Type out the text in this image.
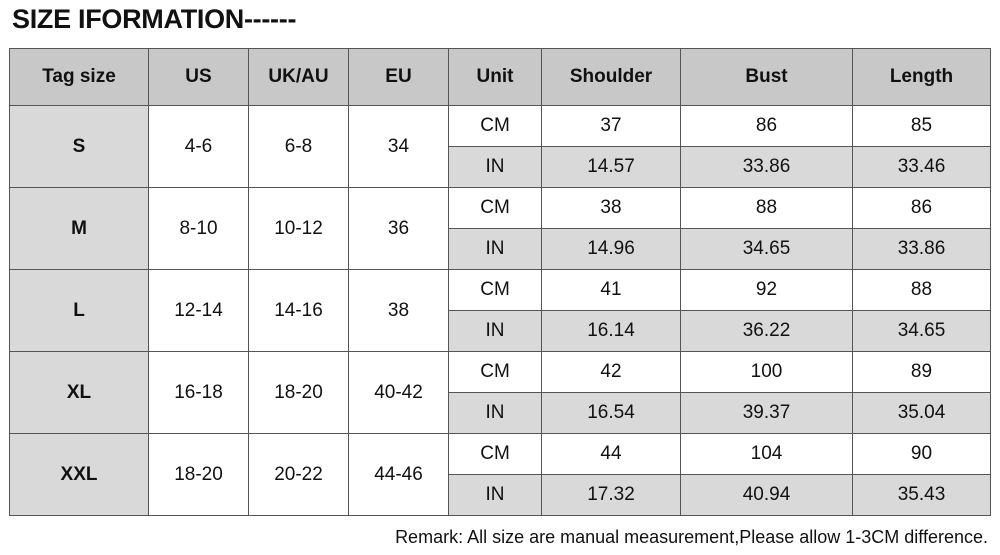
SIZE IFORMATION------
Tag size	US	UK/AU	EU	Unit	Shoulder	Bust	Length
S	4-6	6-8	34	CM	37	86	85
				IN	14.57	33.86	33.46
M	8-10	10-12	36	CM	38	88	86
				IN	14.96	34.65	33.86
L	12-14	14-16	38	CM	41	92	88
				IN	16.14	36.22	34.65
XL	16-18	18-20	40-42	CM	42	100	89
				IN	16.54	39.37	35.04
XXL	18-20	20-22	44-46	CM	44	104	90
				IN	17.32	40.94	35.43
Remark: All size are manual measurement,Please allow 1-3CM difference.
